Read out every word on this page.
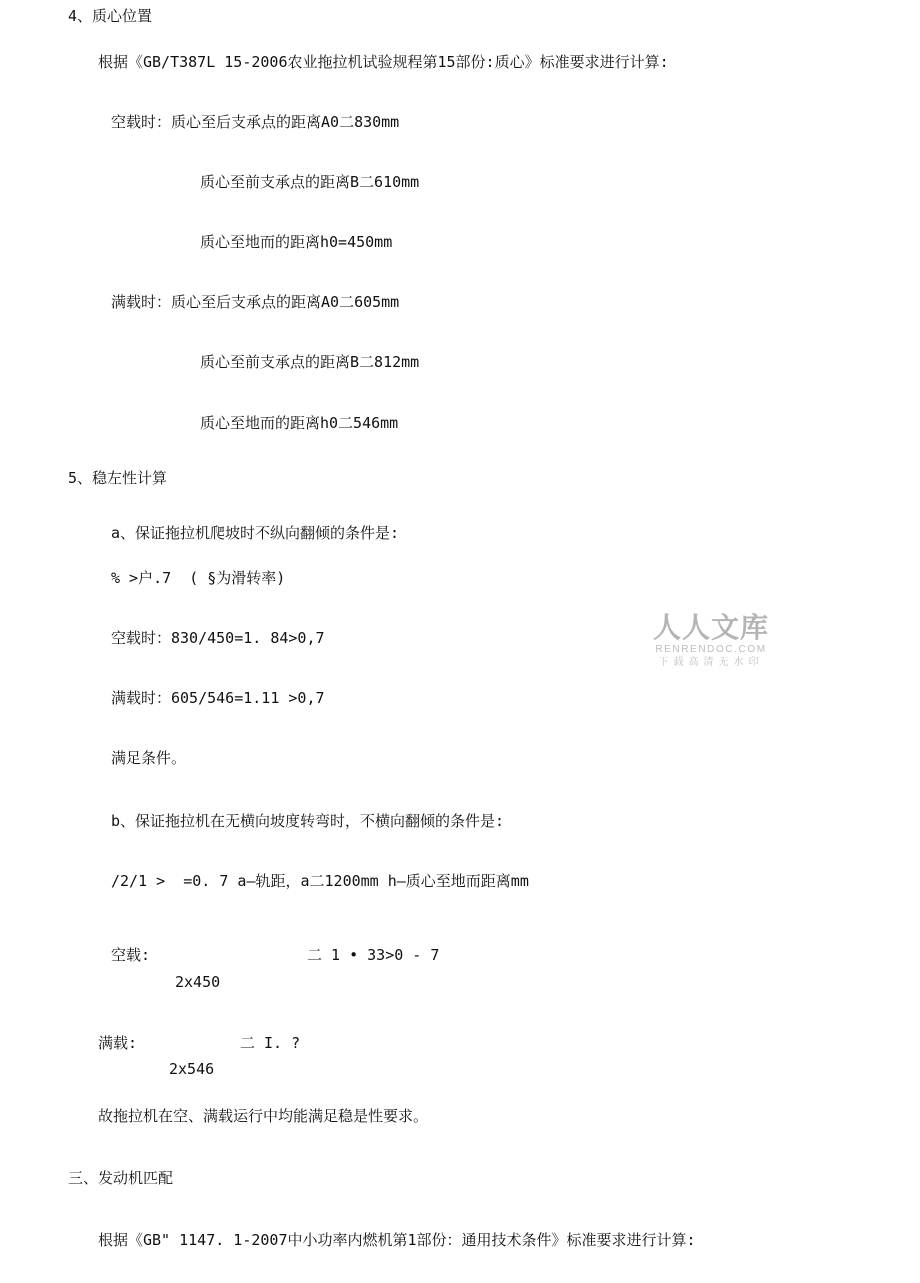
4、质心位置
根据《GB/T387L 15-2006农业拖拉机试验规程第15部份:质心》标准要求进行计算:
空载时：质心至后支承点的距离A0二830mm
质心至前支承点的距离B二610mm
质心至地而的距离h0=450mm
满载时：质心至后支承点的距离A0二605mm
质心至前支承点的距离B二812mm
质心至地而的距离h0二546mm
5、稳左性计算
a、保证拖拉机爬坡时不纵向翻倾的条件是:
% >户.7  ( §为滑转率)
空载时：830/450=1. 84>0,7
满载时：605/546=1.11 >0,7
满足条件。
b、保证拖拉机在无横向坡度转弯时，不横向翻倾的条件是:
/2/1 >  =0. 7 a—轨距，a二1200mm h—质心至地而距离mm
空载:	二 1 • 33>0 - 7
2x450
满载:	二 I. ?
2x546
故拖拉机在空、满载运行中均能满足稳是性要求。
三、发动机匹配
根据《GB" 1147. 1-2007中小功率内燃机第1部份：通用技术条件》标准要求进行计算:
人人文库
RENRENDOC.COM
下载高清无水印
